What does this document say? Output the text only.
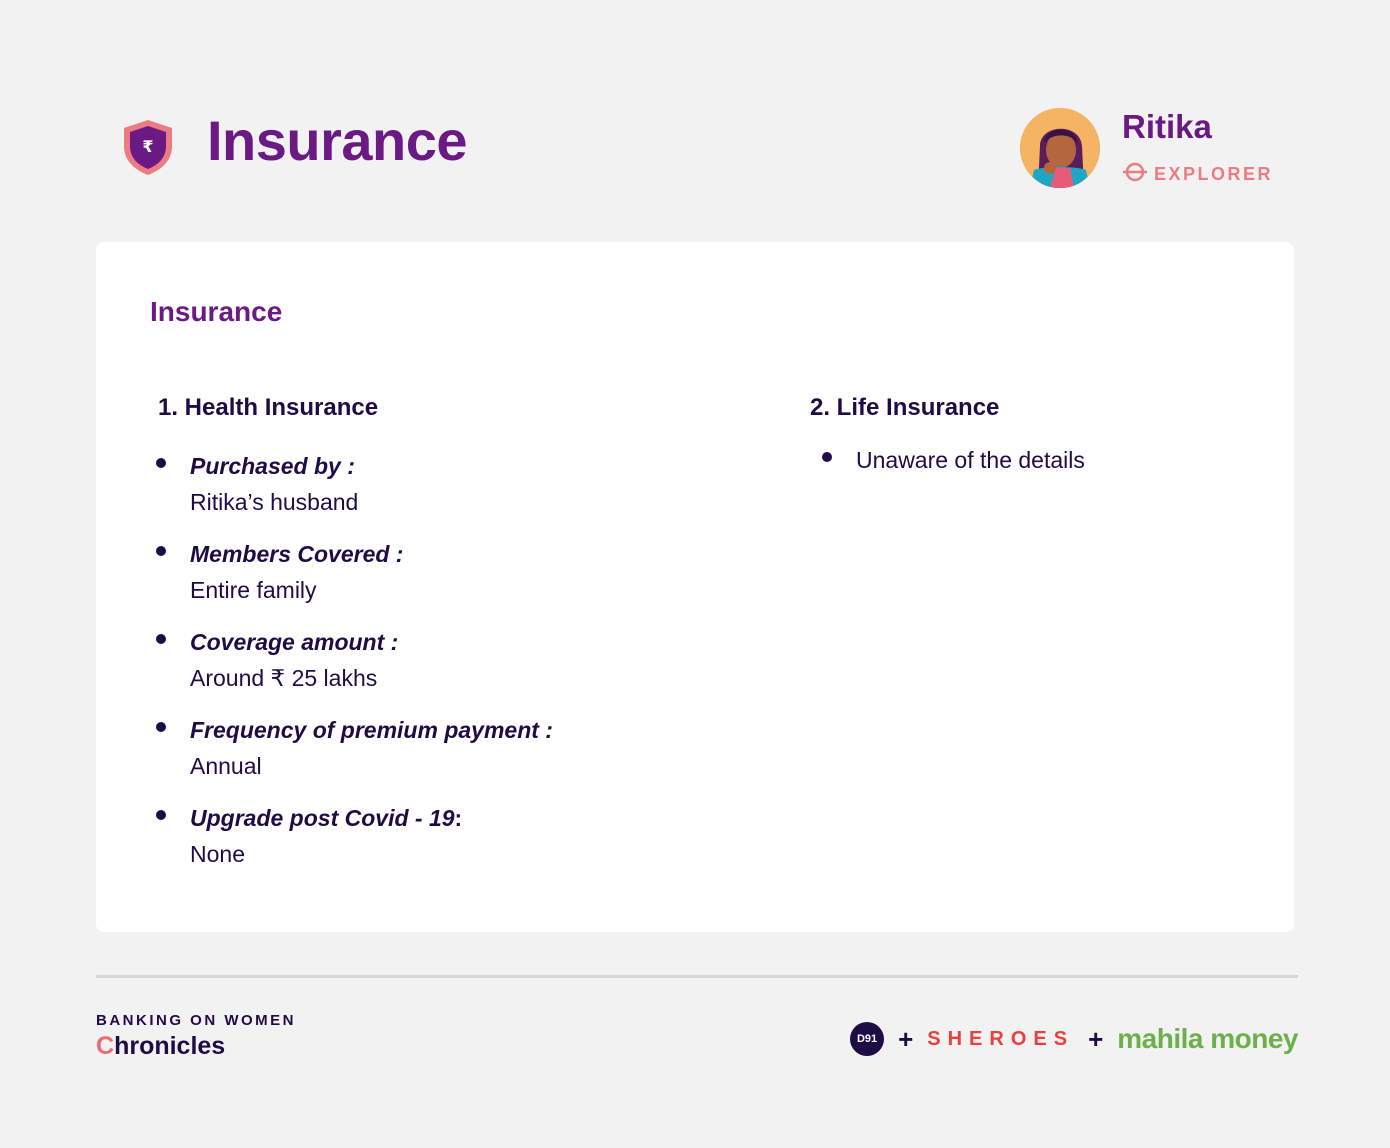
₹ Insurance	Ritika
EXPLORER
Insurance
1. Health Insurance
Purchased by :
Ritika’s husband
Members Covered :
Entire family
Coverage amount :
Around ₹ 25 lakhs
Frequency of premium payment :
Annual
Upgrade post Covid - 19:
None
2. Life Insurance
Unaware of the details
BANKING ON WOMEN
Chronicles	D91 + SHEROES + mahila money
